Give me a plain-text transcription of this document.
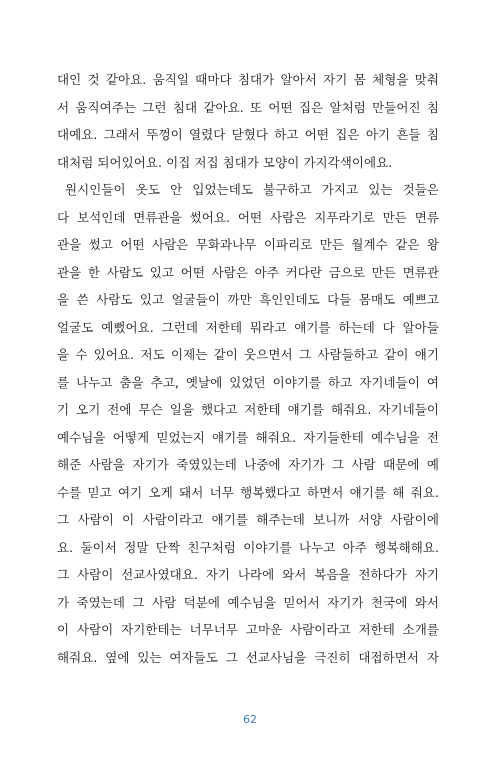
대인 것 같아요. 움직일 때마다 침대가 알아서 자기 몸 체형을 맞춰
서 움직여주는 그런 침대 같아요. 또 어떤 집은 알처럼 만들어진 침
대예요. 그래서 뚜껑이 열렸다 닫혔다 하고 어떤 집은 아기 흔들 침
대처럼 되어있어요. 이집 저집 침대가 모양이 가지각색이에요.
원시인들이 옷도 안 입었는데도 불구하고 가지고 있는 것들은
다 보석인데 면류관을 썼어요. 어떤 사람은 지푸라기로 만든 면류
관을 썼고 어떤 사람은 무화과나무 이파리로 만든 월계수 같은 왕
관을 한 사람도 있고 어떤 사람은 아주 커다란 금으로 만든 면류관
을 쓴 사람도 있고 얼굴들이 까만 흑인인데도 다들 몸매도 예쁘고
얼굴도 예뻤어요. 그런데 저한테 뭐라고 얘기를 하는데 다 알아들
을 수 있어요. 저도 이제는 같이 웃으면서 그 사람들하고 같이 얘기
를 나누고 춤을 추고, 옛날에 있었던 이야기를 하고 자기네들이 여
기 오기 전에 무슨 일을 했다고 저한테 얘기를 해줘요. 자기네들이
예수님을 어떻게 믿었는지 얘기를 해줘요. 자기들한테 예수님을 전
해준 사람을 자기가 죽였있는데 나중에 자기가 그 사람 때문에 예
수를 믿고 여기 오게 돼서 너무 행복했다고 하면서 얘기를 해 줘요.
그 사람이 이 사람이라고 얘기를 해주는데 보니까 서양 사람이에
요. 둘이서 정말 단짝 친구처럼 이야기를 나누고 아주 행복해해요.
그 사람이 선교사였대요. 자기 나라에 와서 복음을 전하다가 자기
가 죽였는데 그 사람 덕분에 예수님을 믿어서 자기가 천국에 와서
이 사람이 자기한테는 너무너무 고마운 사람이라고 저한테 소개를
해줘요. 옆에 있는 여자들도 그 선교사님을 극진히 대접하면서 자
62
